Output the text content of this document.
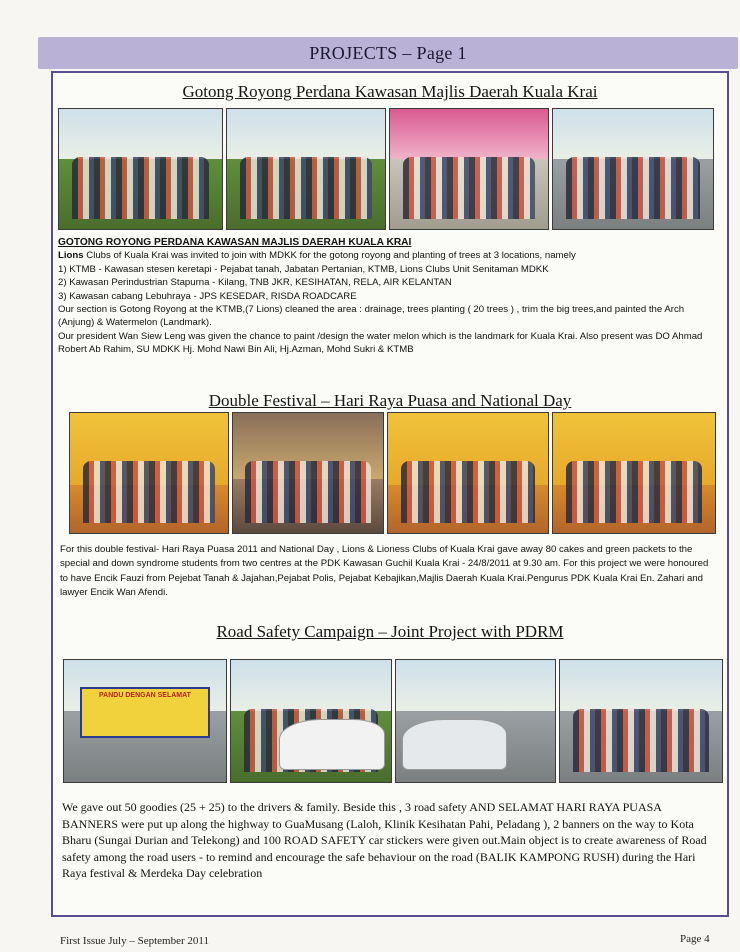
PROJECTS – Page 1
Gotong Royong Perdana Kawasan Majlis Daerah Kuala Krai

GOTONG ROYONG PERDANA KAWASAN MAJLIS DAERAH KUALA KRAI

Lions Clubs of Kuala Krai was invited to join with MDKK for the gotong royong and planting of trees at 3 locations, namely

1) KTMB - Kawasan stesen keretapi - Pejabat tanah, Jabatan Pertanian, KTMB, Lions Clubs Unit Senitaman MDKK

2) Kawasan Perindustrian Stapurna - Kilang, TNB JKR, KESIHATAN, RELA, AIR KELANTAN

3) Kawasan cabang Lebuhraya - JPS KESEDAR, RISDA ROADCARE

Our section is Gotong Royong at the KTMB,(7 Lions) cleaned the area : drainage, trees planting ( 20 trees ) , trim the big trees,and painted the Arch (Anjung) & Watermelon (Landmark).

Our president Wan Siew Leng was given the chance to paint /design the water melon which is the landmark for Kuala Krai. Also present was DO Ahmad Robert Ab Rahim, SU MDKK Hj. Mohd Nawi Bin Ali, Hj.Azman, Mohd Sukri & KTMB

Double Festival – Hari Raya Puasa and National Day

For this double festival- Hari Raya Puasa 2011 and National Day , Lions & Lioness Clubs of Kuala Krai gave away 80 cakes and green packets to the special and down syndrome students from two centres at the PDK Kawasan Guchil Kuala Krai - 24/8/2011 at 9.30 am. For this project we were honoured to have Encik Fauzi from Pejebat Tanah & Jajahan,Pejabat Polis, Pejabat Kebajikan,Majlis Daerah Kuala Krai.Pengurus PDK Kuala Krai En. Zahari and lawyer Encik Wan Afendi.

Road Safety Campaign – Joint Project with PDRM
PANDU DENGAN SELAMAT

We gave out 50 goodies (25 + 25) to the drivers & family. Beside this , 3 road safety AND SELAMAT HARI RAYA PUASA BANNERS were put up along the highway to GuaMusang (Laloh, Klinik Kesihatan Pahi, Peladang ), 2 banners on the way to Kota Bharu (Sungai Durian and Telekong) and 100 ROAD SAFETY car stickers were given out.Main object is to create awareness of Road safety among the road users - to remind and encourage the safe behaviour on the road (BALIK KAMPONG RUSH) during the Hari Raya festival & Merdeka Day celebration

First Issue July – September 2011	Page 4
